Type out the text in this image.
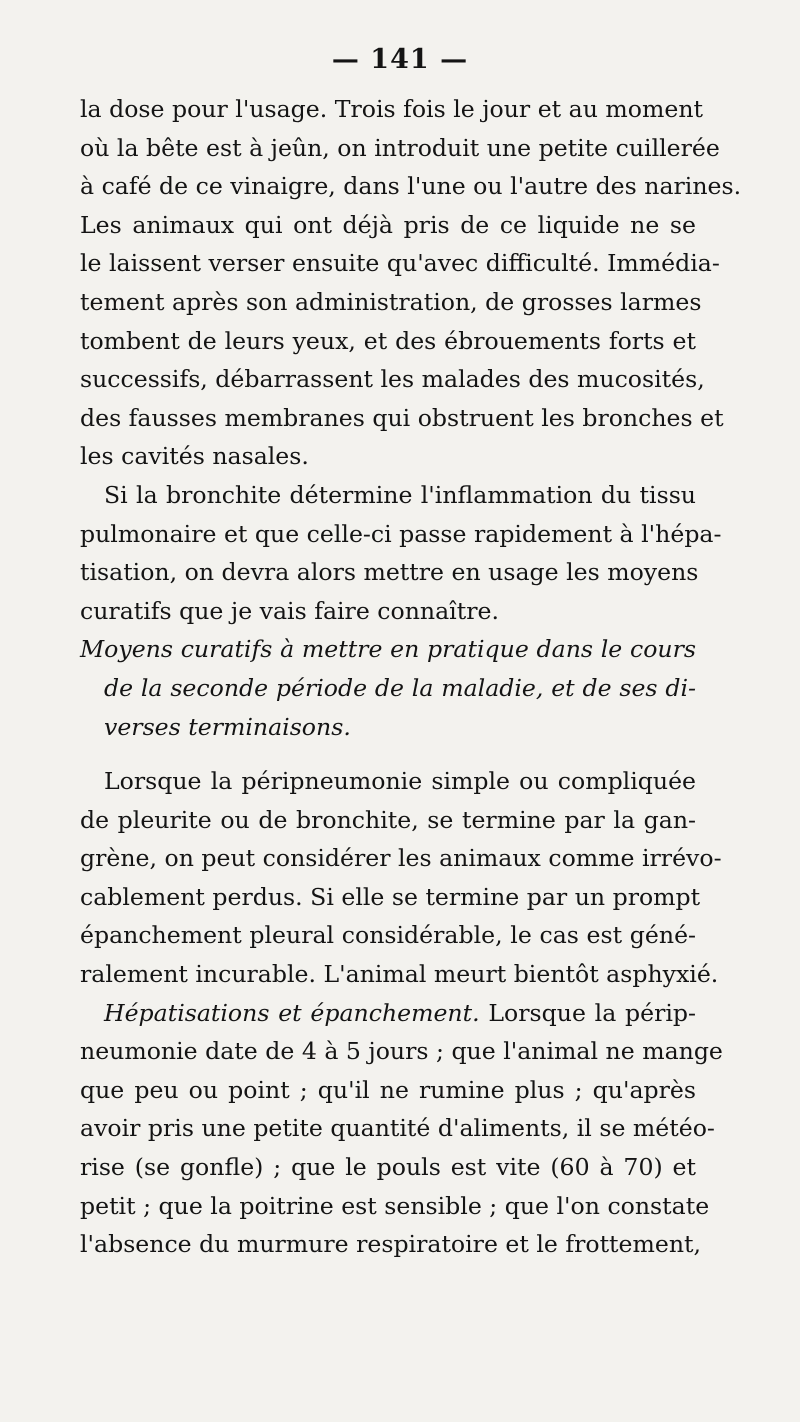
— 141 —
la dose pour l'usage. Trois fois le jour et au moment
où la bête est à jeûn, on introduit une petite cuillerée
à café de ce vinaigre, dans l'une ou l'autre des narines.
Les animaux qui ont déjà pris de ce liquide ne se
le laissent verser ensuite qu'avec difficulté. Immédia-
tement après son administration, de grosses larmes
tombent de leurs yeux, et des ébrouements forts et
successifs, débarrassent les malades des mucosités,
des fausses membranes qui obstruent les bronches et
les cavités nasales.
Si la bronchite détermine l'inflammation du tissu
pulmonaire et que celle-ci passe rapidement à l'hépa-
tisation, on devra alors mettre en usage les moyens
curatifs que je vais faire connaître.
Moyens curatifs à mettre en pratique dans le cours
de la seconde période de la maladie, et de ses di-
verses terminaisons.
Lorsque la péripneumonie simple ou compliquée
de pleurite ou de bronchite, se termine par la gan-
grène, on peut considérer les animaux comme irrévo-
cablement perdus. Si elle se termine par un prompt
épanchement pleural considérable, le cas est géné-
ralement incurable. L'animal meurt bientôt asphyxié.
Hépatisations et épanchement. Lorsque la périp-
neumonie date de 4 à 5 jours ; que l'animal ne mange
que peu ou point ; qu'il ne rumine plus ; qu'après
avoir pris une petite quantité d'aliments, il se météo-
rise (se gonfle) ; que le pouls est vite (60 à 70) et
petit ; que la poitrine est sensible ; que l'on constate
l'absence du murmure respiratoire et le frottement,
